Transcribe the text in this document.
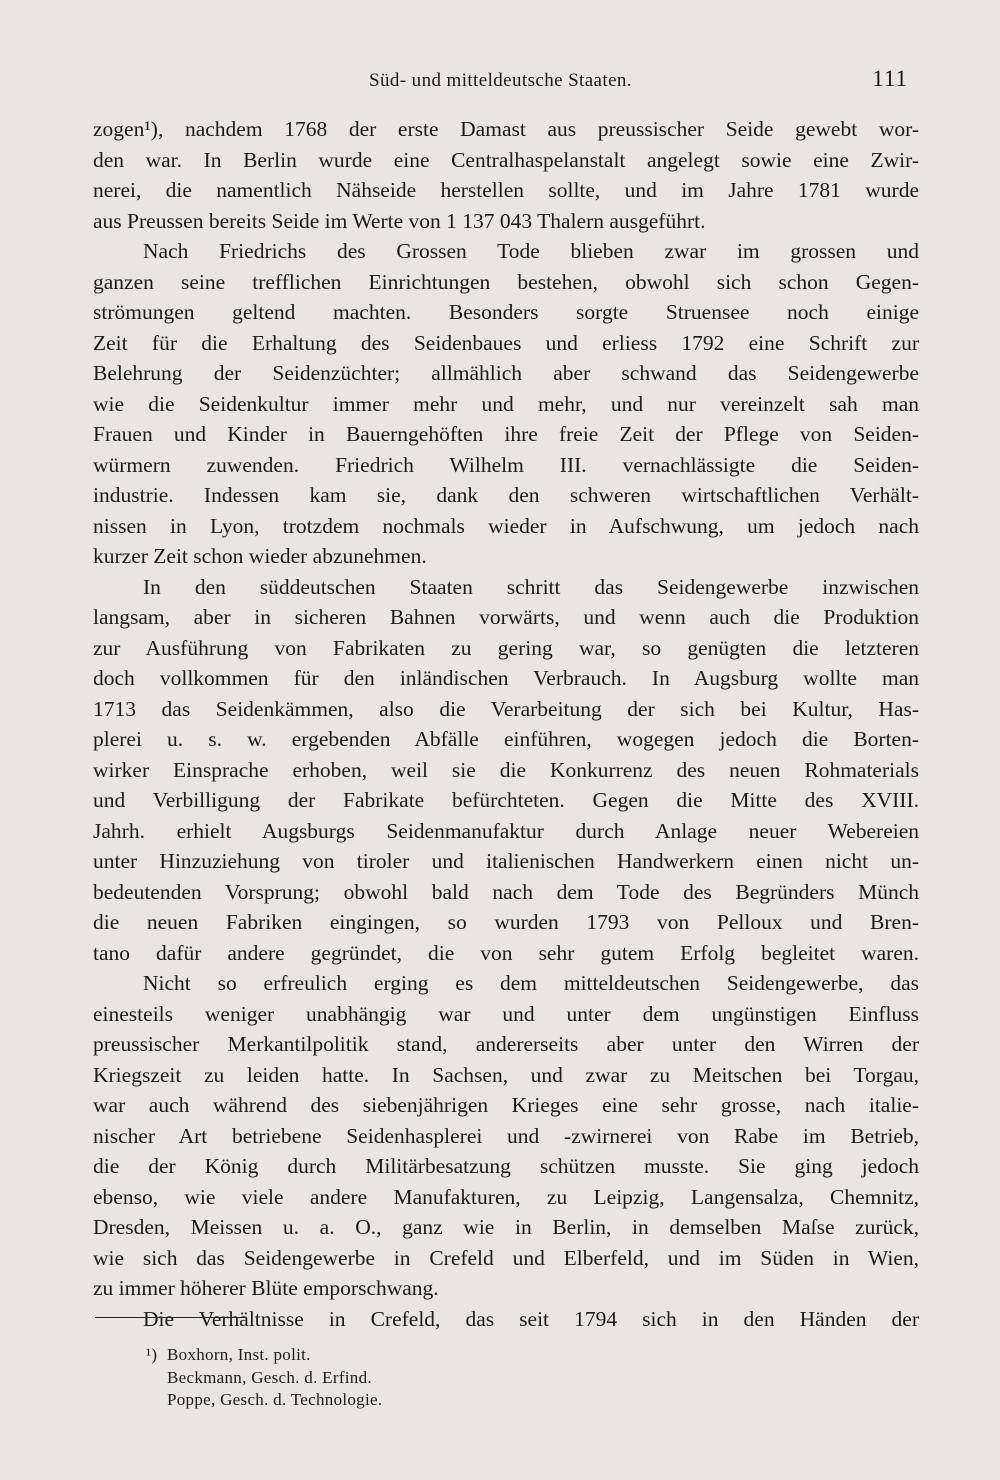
Süd- und mitteldeutsche Staaten.	111
zogen¹), nachdem 1768 der erste Damast aus preussischer Seide gewebt wor-
den war. In Berlin wurde eine Centralhaspelanstalt angelegt sowie eine Zwir-
nerei, die namentlich Nähseide herstellen sollte, und im Jahre 1781 wurde
aus Preussen bereits Seide im Werte von 1 137 043 Thalern ausgeführt.
Nach Friedrichs des Grossen Tode blieben zwar im grossen und
ganzen seine trefflichen Einrichtungen bestehen, obwohl sich schon Gegen-
strömungen geltend machten. Besonders sorgte Struensee noch einige
Zeit für die Erhaltung des Seidenbaues und erliess 1792 eine Schrift zur
Belehrung der Seidenzüchter; allmählich aber schwand das Seidengewerbe
wie die Seidenkultur immer mehr und mehr, und nur vereinzelt sah man
Frauen und Kinder in Bauerngehöften ihre freie Zeit der Pflege von Seiden-
würmern zuwenden. Friedrich Wilhelm III. vernachlässigte die Seiden-
industrie. Indessen kam sie, dank den schweren wirtschaftlichen Verhält-
nissen in Lyon, trotzdem nochmals wieder in Aufschwung, um jedoch nach
kurzer Zeit schon wieder abzunehmen.
In den süddeutschen Staaten schritt das Seidengewerbe inzwischen
langsam, aber in sicheren Bahnen vorwärts, und wenn auch die Produktion
zur Ausführung von Fabrikaten zu gering war, so genügten die letzteren
doch vollkommen für den inländischen Verbrauch. In Augsburg wollte man
1713 das Seidenkämmen, also die Verarbeitung der sich bei Kultur, Has-
plerei u. s. w. ergebenden Abfälle einführen, wogegen jedoch die Borten-
wirker Einsprache erhoben, weil sie die Konkurrenz des neuen Rohmaterials
und Verbilligung der Fabrikate befürchteten. Gegen die Mitte des XVIII.
Jahrh. erhielt Augsburgs Seidenmanufaktur durch Anlage neuer Webereien
unter Hinzuziehung von tiroler und italienischen Handwerkern einen nicht un-
bedeutenden Vorsprung; obwohl bald nach dem Tode des Begründers Münch
die neuen Fabriken eingingen, so wurden 1793 von Pelloux und Bren-
tano dafür andere gegründet, die von sehr gutem Erfolg begleitet waren.
Nicht so erfreulich erging es dem mitteldeutschen Seidengewerbe, das
einesteils weniger unabhängig war und unter dem ungünstigen Einfluss
preussischer Merkantilpolitik stand, andererseits aber unter den Wirren der
Kriegszeit zu leiden hatte. In Sachsen, und zwar zu Meitschen bei Torgau,
war auch während des siebenjährigen Krieges eine sehr grosse, nach italie-
nischer Art betriebene Seidenhasplerei und -zwirnerei von Rabe im Betrieb,
die der König durch Militärbesatzung schützen musste. Sie ging jedoch
ebenso, wie viele andere Manufakturen, zu Leipzig, Langensalza, Chemnitz,
Dresden, Meissen u. a. O., ganz wie in Berlin, in demselben Maſse zurück,
wie sich das Seidengewerbe in Crefeld und Elberfeld, und im Süden in Wien,
zu immer höherer Blüte emporschwang.
Die Verhältnisse in Crefeld, das seit 1794 sich in den Händen der
¹) Boxhorn, Inst. polit.
Beckmann, Gesch. d. Erfind.
Poppe, Gesch. d. Technologie.
